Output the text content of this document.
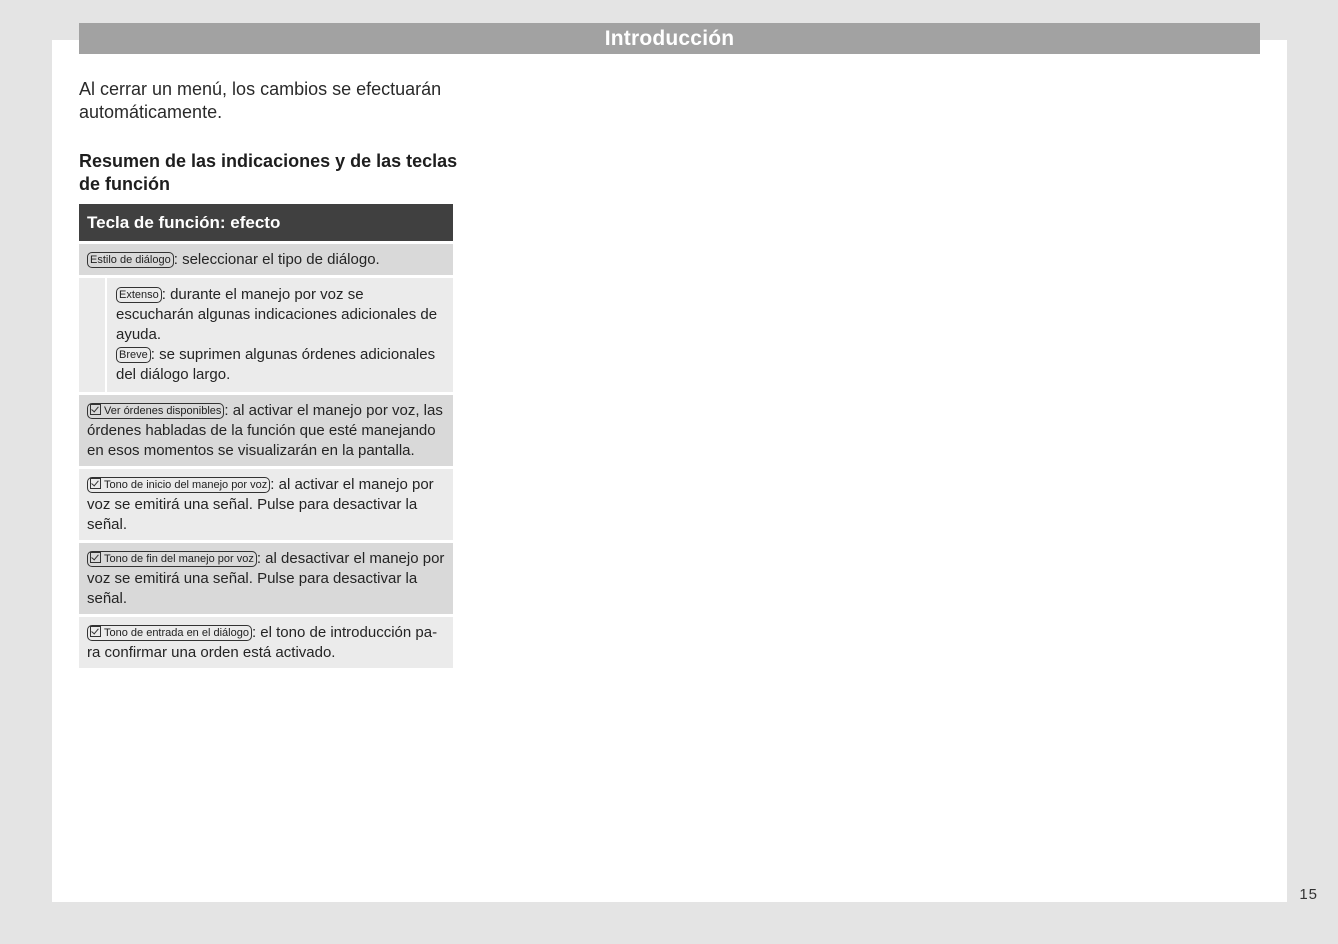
Introducción

Al cerrar un menú, los cambios se efectuarán automáticamente.

Resumen de las indicaciones y de las teclas de función
Tecla de función: efecto
Estilo de diálogo : seleccionar el tipo de diálogo.
Extenso : durante el manejo por voz se escucharán algunas indicaciones adicionales de ayuda.
Breve : se suprimen algunas órdenes adicionales del diálogo largo.
Ver órdenes disponibles : al activar el manejo por voz, las órdenes habladas de la función que esté manejando en esos momentos se visualizarán en la pantalla.
Tono de inicio del manejo por voz : al activar el manejo por voz se emitirá una señal. Pulse para desactivar la señal.
Tono de fin del manejo por voz : al desactivar el manejo por voz se emitirá una señal. Pulse para desactivar la señal.
Tono de entrada en el diálogo : el tono de introducción para confirmar una orden está activado.
15
